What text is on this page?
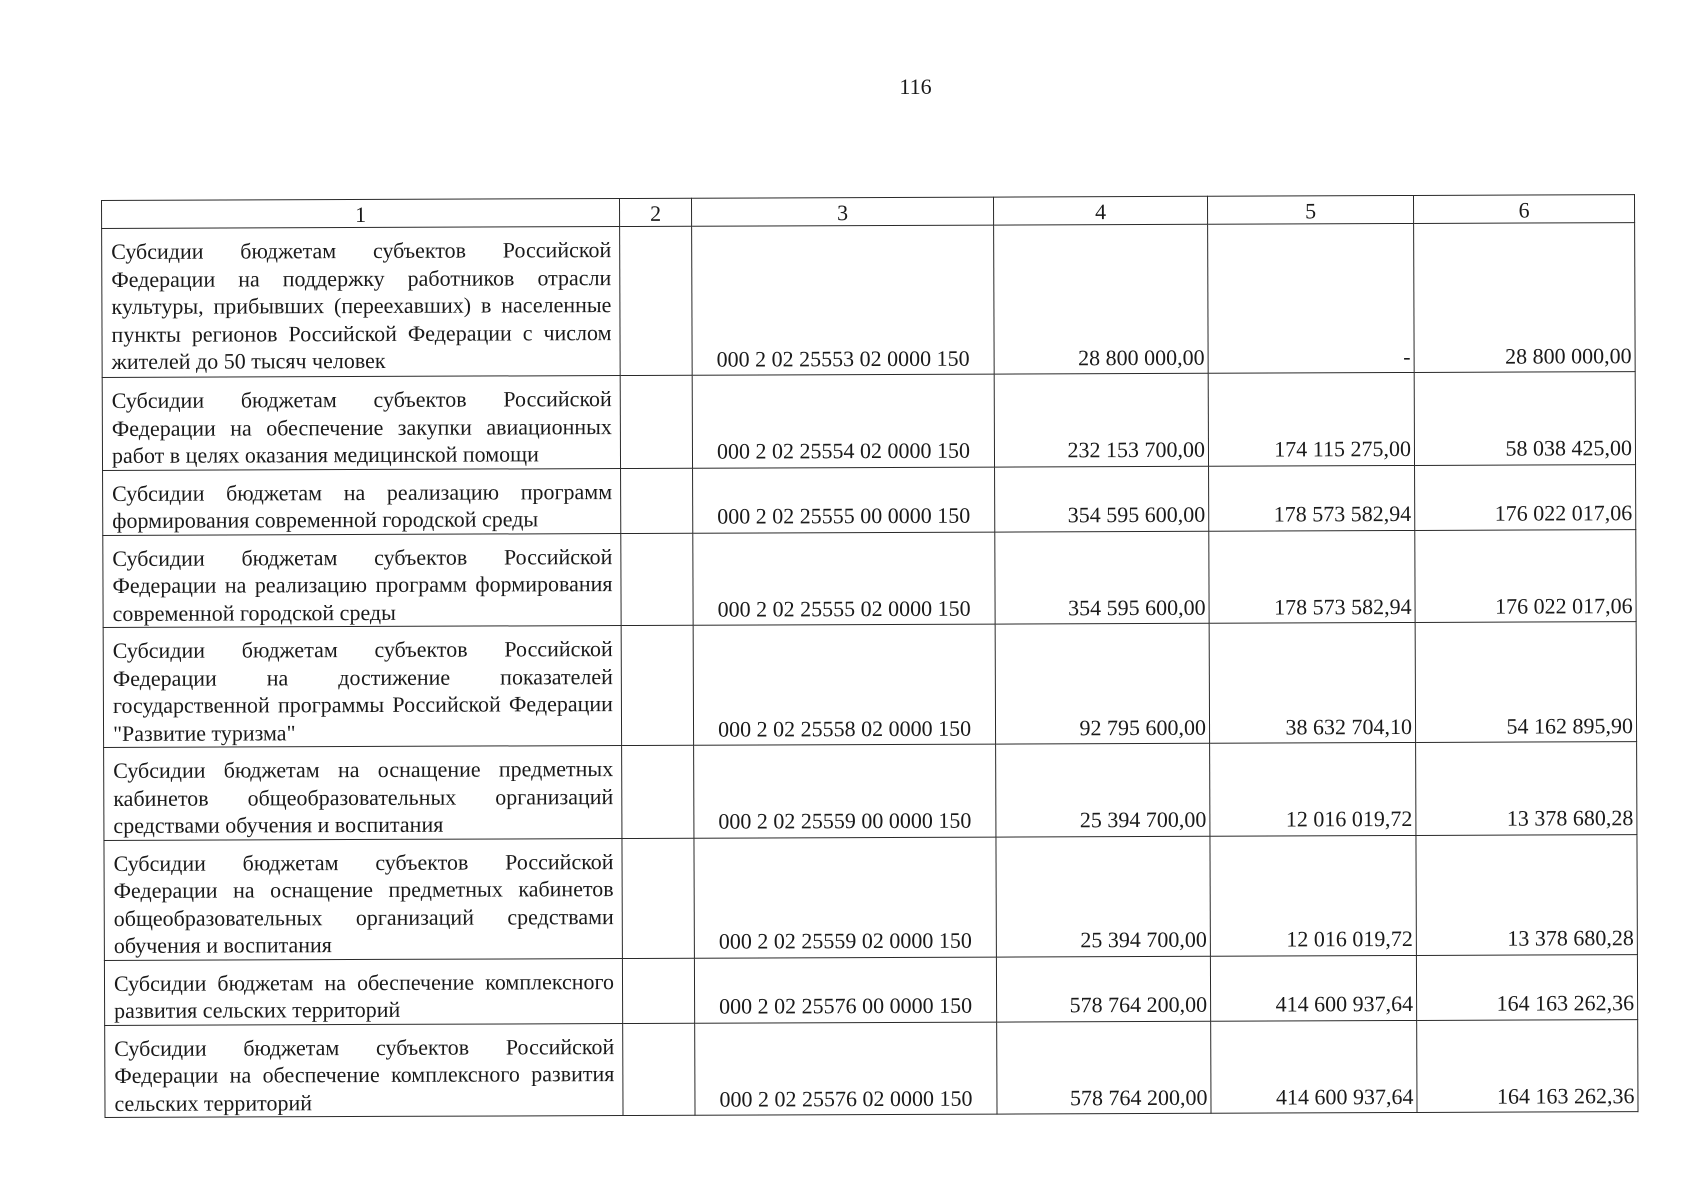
116
1	2	3	4	5	6
Субсидии бюджетам субъектов Российской Федерации на поддержку работников отрасли культуры, прибывших (переехавших) в населенные пункты регионов Российской Федерации с числом жителей до 50 тысяч человек		000 2 02 25553 02 0000 150	28 800 000,00	-	28 800 000,00
Субсидии бюджетам субъектов Российской Федерации на обеспечение закупки авиационных работ в целях оказания медицинской помощи		000 2 02 25554 02 0000 150	232 153 700,00	174 115 275,00	58 038 425,00
Субсидии бюджетам на реализацию программ формирования современной городской среды		000 2 02 25555 00 0000 150	354 595 600,00	178 573 582,94	176 022 017,06
Субсидии бюджетам субъектов Российской Федерации на реализацию программ формирования современной городской среды		000 2 02 25555 02 0000 150	354 595 600,00	178 573 582,94	176 022 017,06
Субсидии бюджетам субъектов Российской Федерации на достижение показателей государственной программы Российской Федерации "Развитие туризма"		000 2 02 25558 02 0000 150	92 795 600,00	38 632 704,10	54 162 895,90
Субсидии бюджетам на оснащение предметных кабинетов общеобразовательных организаций средствами обучения и воспитания		000 2 02 25559 00 0000 150	25 394 700,00	12 016 019,72	13 378 680,28
Субсидии бюджетам субъектов Российской Федерации на оснащение предметных кабинетов общеобразовательных организаций средствами обучения и воспитания		000 2 02 25559 02 0000 150	25 394 700,00	12 016 019,72	13 378 680,28
Субсидии бюджетам на обеспечение комплексного развития сельских территорий		000 2 02 25576 00 0000 150	578 764 200,00	414 600 937,64	164 163 262,36
Субсидии бюджетам субъектов Российской Федерации на обеспечение комплексного развития сельских территорий		000 2 02 25576 02 0000 150	578 764 200,00	414 600 937,64	164 163 262,36
